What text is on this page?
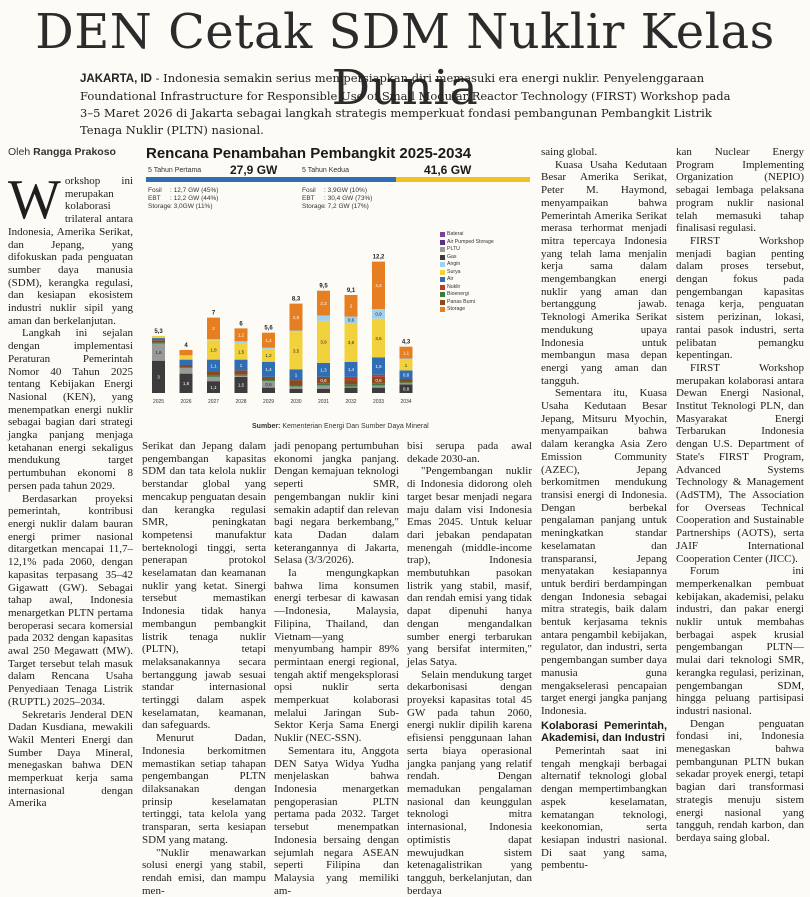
DEN Cetak SDM Nuklir Kelas Dunia
JAKARTA, ID - Indonesia semakin serius mempersiapkan diri memasuki era energi nuklir. Penyelenggaraan Foundational Infrastructure for Responsible Use of Small Modular Reactor Technology (FIRST) Workshop pada 3–5 Maret 2026 di Jakarta sebagai langkah strategis memperkuat fondasi pembangunan Pembangkit Listrik Tenaga Nuklir (PLTN) nasional.
Oleh Rangga Prakoso

Workshop ini merupakan kolaborasi trilateral antara Indonesia, Amerika Serikat, dan Jepang, yang difokuskan pada penguatan sumber daya manusia (SDM), kerangka regulasi, dan kesiapan ekosistem industri nuklir sipil yang aman dan berkelanjutan.

Langkah ini sejalan dengan implementasi Peraturan Pemerintah Nomor 40 Tahun 2025 tentang Kebijakan Energi Nasional (KEN), yang menempatkan energi nuklir sebagai bagian dari strategi jangka panjang menjaga ketahanan energi sekaligus mendukung target pertumbuhan ekonomi 8 persen pada tahun 2029.

Berdasarkan proyeksi pemerintah, kontribusi energi nuklir dalam bauran energi primer nasional ditargetkan mencapai 11,7–12,1% pada 2060, dengan kapasitas terpasang 35–42 Gigawatt (GW). Sebagai tahap awal, Indonesia menargetkan PLTN pertama beroperasi secara komersial pada 2032 dengan kapasitas awal 250 Megawatt (MW). Target tersebut telah masuk dalam Rencana Usaha Penyediaan Tenaga Listrik (RUPTL) 2025–2034.

Sekretaris Jenderal DEN Dadan Kusdiana, mewakili Wakil Menteri Energi dan Sumber Daya Mineral, menegaskan bahwa DEN memperkuat kerja sama internasional dengan Amerika

Rencana Penambahan Pembangkit 2025-2034
5 Tahun Pertama 27,9 GW	5 Tahun Kedua	41,6 GW
Fosil : 12,7 GW (45%)
EBT : 12,2 GW (44%)
Storage: 3,0GW (11%)
Fosil : 3,9GW (10%)
EBT : 30,4 GW (73%)
Storage: 7,2 GW (17%)
3
1,6
5,3
2025
1,8
4
2026
1,1
1,1
1,8
2
7
2027
1,5
1
1,5
1,2
6
2028
0,6
1,4
1,2
1,4
5,6
2029
1
3,5
2,5
8,3
2030
0,6
1,3
3,9
2,3
9,5
2031
1,4
3,6
0,6
2
9,1
2032
0,6
1,6
3,6
0,9
4,4
12,2
2033
0,8
0,8
1
1,1
4,3
2034
Baterai
Air Pumped Storage
PLTU
Gas
Angin
Surya
Air
Nuklir
Bioenergi
Panas Bumi
Storage
Sumber: Kementerian Energi Dan Sumber Daya Mineral

Serikat dan Jepang dalam pengembangan kapasitas SDM dan tata kelola nuklir berstandar global yang mencakup penguatan desain dan kerangka regulasi SMR, peningkatan kompetensi manufaktur berteknologi tinggi, serta penerapan protokol keselamatan dan keamanan nuklir yang ketat. Sinergi tersebut memastikan Indonesia tidak hanya membangun pembangkit listrik tenaga nuklir (PLTN), tetapi melaksanakannya secara bertanggung jawab sesuai standar internasional tertinggi dalam aspek keselamatan, keamanan, dan safeguards.

Menurut Dadan, Indonesia berkomitmen memastikan setiap tahapan pengembangan PLTN dilaksanakan dengan prinsip keselamatan tertinggi, tata kelola yang transparan, serta kesiapan SDM yang matang.

"Nuklir menawarkan solusi energi yang stabil, rendah emisi, dan mampu men-

jadi penopang pertumbuhan ekonomi jangka panjang. Dengan kemajuan teknologi seperti SMR, pengembangan nuklir kini semakin adaptif dan relevan bagi negara berkembang," kata Dadan dalam keterangannya di Jakarta, Selasa (3/3/2026).

Ia mengungkapkan bahwa lima konsumen energi terbesar di kawasan—Indonesia, Malaysia, Filipina, Thailand, dan Vietnam—yang menyumbang hampir 89% permintaan energi regional, tengah aktif mengeksplorasi opsi nuklir serta memperkuat kolaborasi melalui Jaringan Sub-Sektor Kerja Sama Energi Nuklir (NEC-SSN).

Sementara itu, Anggota DEN Satya Widya Yudha menjelaskan bahwa Indonesia menargetkan pengoperasian PLTN pertama pada 2032. Target tersebut menempatkan Indonesia bersaing dengan sejumlah negara ASEAN seperti Filipina dan Malaysia yang memiliki am-

bisi serupa pada awal dekade 2030-an.

"Pengembangan nuklir di Indonesia didorong oleh target besar menjadi negara maju dalam visi Indonesia Emas 2045. Untuk keluar dari jebakan pendapatan menengah (middle-income trap), Indonesia membutuhkan pasokan listrik yang stabil, masif, dan rendah emisi yang tidak dapat dipenuhi hanya dengan mengandalkan sumber energi terbarukan yang bersifat intermiten," jelas Satya.

Selain mendukung target dekarbonisasi dengan proyeksi kapasitas total 45 GW pada tahun 2060, energi nuklir dipilih karena efisiensi penggunaan lahan serta biaya operasional jangka panjang yang relatif rendah. Dengan memadukan pengalaman nasional dan keunggulan teknologi mitra internasional, Indonesia optimistis dapat mewujudkan sistem ketenagalistrikan yang tangguh, berkelanjutan, dan berdaya

saing global.

Kuasa Usaha Kedutaan Besar Amerika Serikat, Peter M. Haymond, menyampaikan bahwa Pemerintah Amerika Serikat merasa terhormat menjadi mitra tepercaya Indonesia yang telah lama menjalin kerja sama dalam mengembangkan energi nuklir yang aman dan bertanggung jawab. Teknologi Amerika Serikat mendukung upaya Indonesia untuk membangun masa depan energi yang aman dan tangguh.

Sementara itu, Kuasa Usaha Kedutaan Besar Jepang, Mitsuru Myochin, menyampaikan bahwa dalam kerangka Asia Zero Emission Community (AZEC), Jepang berkomitmen mendukung transisi energi di Indonesia. Dengan berbekal pengalaman panjang untuk meningkatkan standar keselamatan dan transparansi, Jepang menyatakan kesiapannya untuk berdiri berdampingan dengan Indonesia sebagai mitra strategis, baik dalam bentuk kerjasama teknis antara pengambil kebijakan, regulator, dan industri, serta pengembangan sumber daya manusia guna mengakselerasi pencapaian target energi jangka panjang Indonesia.

Kolaborasi Pemerintah, Akademisi, dan Industri

Pemerintah saat ini tengah mengkaji berbagai alternatif teknologi global dengan mempertimbangkan aspek keselamatan, kematangan teknologi, keekonomian, serta kesiapan industri nasional. Di saat yang sama, pembentu-

kan Nuclear Energy Program Implementing Organization (NEPIO) sebagai lembaga pelaksana program nuklir nasional telah memasuki tahap finalisasi regulasi.

FIRST Workshop menjadi bagian penting dalam proses tersebut, dengan fokus pada pengembangan kapasitas tenaga kerja, penguatan sistem perizinan, lokasi, rantai pasok industri, serta pelibatan pemangku kepentingan.

FIRST Workshop merupakan kolaborasi antara Dewan Energi Nasional, Institut Teknologi PLN, dan Masyarakat Energi Terbarukan Indonesia dengan U.S. Department of State's FIRST Program, Advanced Systems Technology & Management (AdSTM), The Association for Overseas Technical Cooperation and Sustainable Partnerships (AOTS), serta JAIF International Cooperation Center (JICC).

Forum ini memperkenalkan pembuat kebijakan, akademisi, pelaku industri, dan pakar energi nuklir untuk membahas berbagai aspek krusial pengembangan PLTN—mulai dari teknologi SMR, kerangka regulasi, perizinan, pengembangan SDM, hingga peluang partisipasi industri nasional.

Dengan penguatan fondasi ini, Indonesia menegaskan bahwa pembangunan PLTN bukan sekadar proyek energi, tetapi bagian dari transformasi strategis menuju sistem energi nasional yang tangguh, rendah karbon, dan berdaya saing global.
